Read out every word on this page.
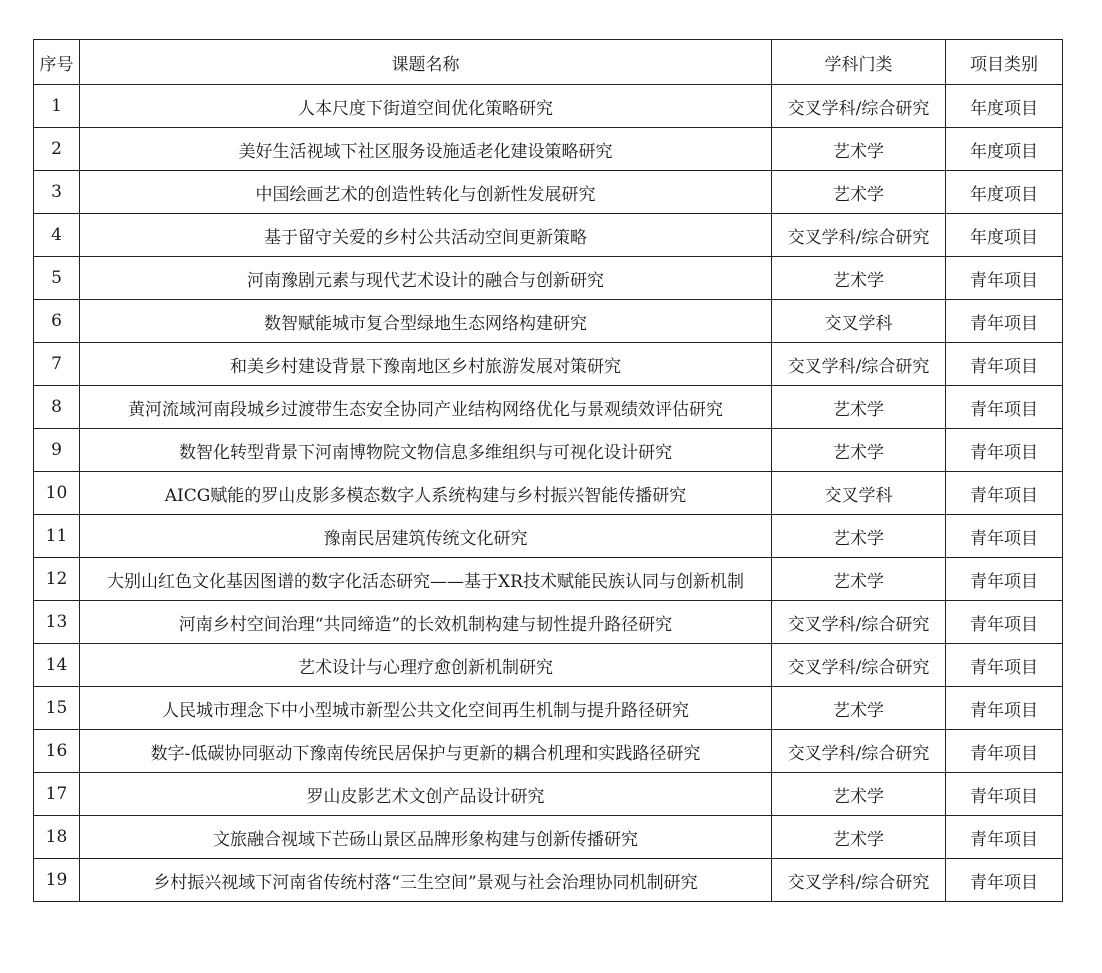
序号	课题名称	学科门类	项目类别
1	人本尺度下街道空间优化策略研究	交叉学科/综合研究	年度项目
2	美好生活视域下社区服务设施适老化建设策略研究	艺术学	年度项目
3	中国绘画艺术的创造性转化与创新性发展研究	艺术学	年度项目
4	基于留守关爱的乡村公共活动空间更新策略	交叉学科/综合研究	年度项目
5	河南豫剧元素与现代艺术设计的融合与创新研究	艺术学	青年项目
6	数智赋能城市复合型绿地生态网络构建研究	交叉学科	青年项目
7	和美乡村建设背景下豫南地区乡村旅游发展对策研究	交叉学科/综合研究	青年项目
8	黄河流域河南段城乡过渡带生态安全协同产业结构网络优化与景观绩效评估研究	艺术学	青年项目
9	数智化转型背景下河南博物院文物信息多维组织与可视化设计研究	艺术学	青年项目
10	AICG赋能的罗山皮影多模态数字人系统构建与乡村振兴智能传播研究	交叉学科	青年项目
11	豫南民居建筑传统文化研究	艺术学	青年项目
12	大别山红色文化基因图谱的数字化活态研究——基于XR技术赋能民族认同与创新机制	艺术学	青年项目
13	河南乡村空间治理“共同缔造”的长效机制构建与韧性提升路径研究	交叉学科/综合研究	青年项目
14	艺术设计与心理疗愈创新机制研究	交叉学科/综合研究	青年项目
15	人民城市理念下中小型城市新型公共文化空间再生机制与提升路径研究	艺术学	青年项目
16	数字-低碳协同驱动下豫南传统民居保护与更新的耦合机理和实践路径研究	交叉学科/综合研究	青年项目
17	罗山皮影艺术文创产品设计研究	艺术学	青年项目
18	文旅融合视域下芒砀山景区品牌形象构建与创新传播研究	艺术学	青年项目
19	乡村振兴视域下河南省传统村落“三生空间”景观与社会治理协同机制研究	交叉学科/综合研究	青年项目
